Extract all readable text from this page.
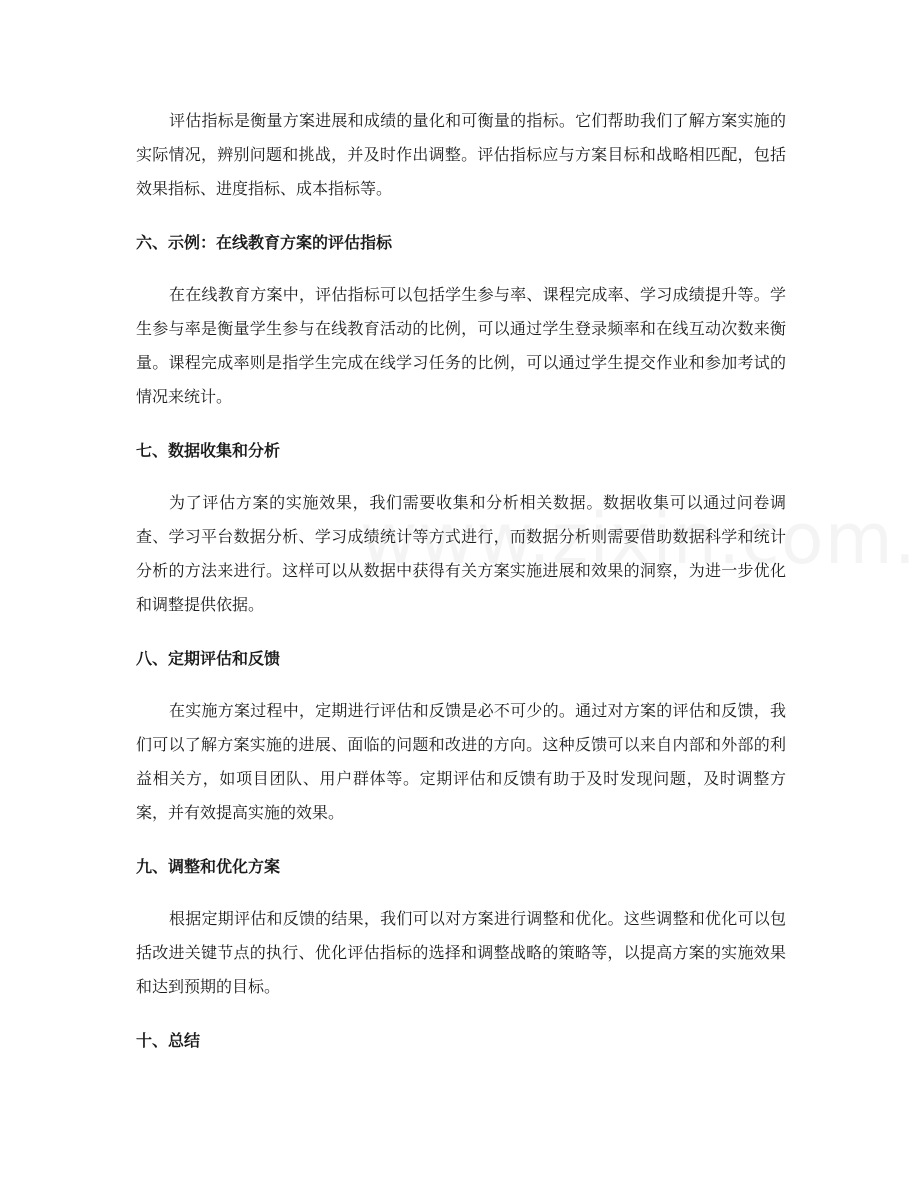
评估指标是衡量方案进展和成绩的量化和可衡量的指标。它们帮助我们了解方案实施的实际情况，辨别问题和挑战，并及时作出调整。评估指标应与方案目标和战略相匹配，包括效果指标、进度指标、成本指标等。

六、示例：在线教育方案的评估指标

在在线教育方案中，评估指标可以包括学生参与率、课程完成率、学习成绩提升等。学生参与率是衡量学生参与在线教育活动的比例，可以通过学生登录频率和在线互动次数来衡量。课程完成率则是指学生完成在线学习任务的比例，可以通过学生提交作业和参加考试的情况来统计。

七、数据收集和分析

为了评估方案的实施效果，我们需要收集和分析相关数据。数据收集可以通过问卷调查、学习平台数据分析、学习成绩统计等方式进行，而数据分析则需要借助数据科学和统计分析的方法来进行。这样可以从数据中获得有关方案实施进展和效果的洞察，为进一步优化和调整提供依据。

八、定期评估和反馈

在实施方案过程中，定期进行评估和反馈是必不可少的。通过对方案的评估和反馈，我们可以了解方案实施的进展、面临的问题和改进的方向。这种反馈可以来自内部和外部的利益相关方，如项目团队、用户群体等。定期评估和反馈有助于及时发现问题，及时调整方案，并有效提高实施的效果。

九、调整和优化方案

根据定期评估和反馈的结果，我们可以对方案进行调整和优化。这些调整和优化可以包括改进关键节点的执行、优化评估指标的选择和调整战略的策略等，以提高方案的实施效果和达到预期的目标。

十、总结
